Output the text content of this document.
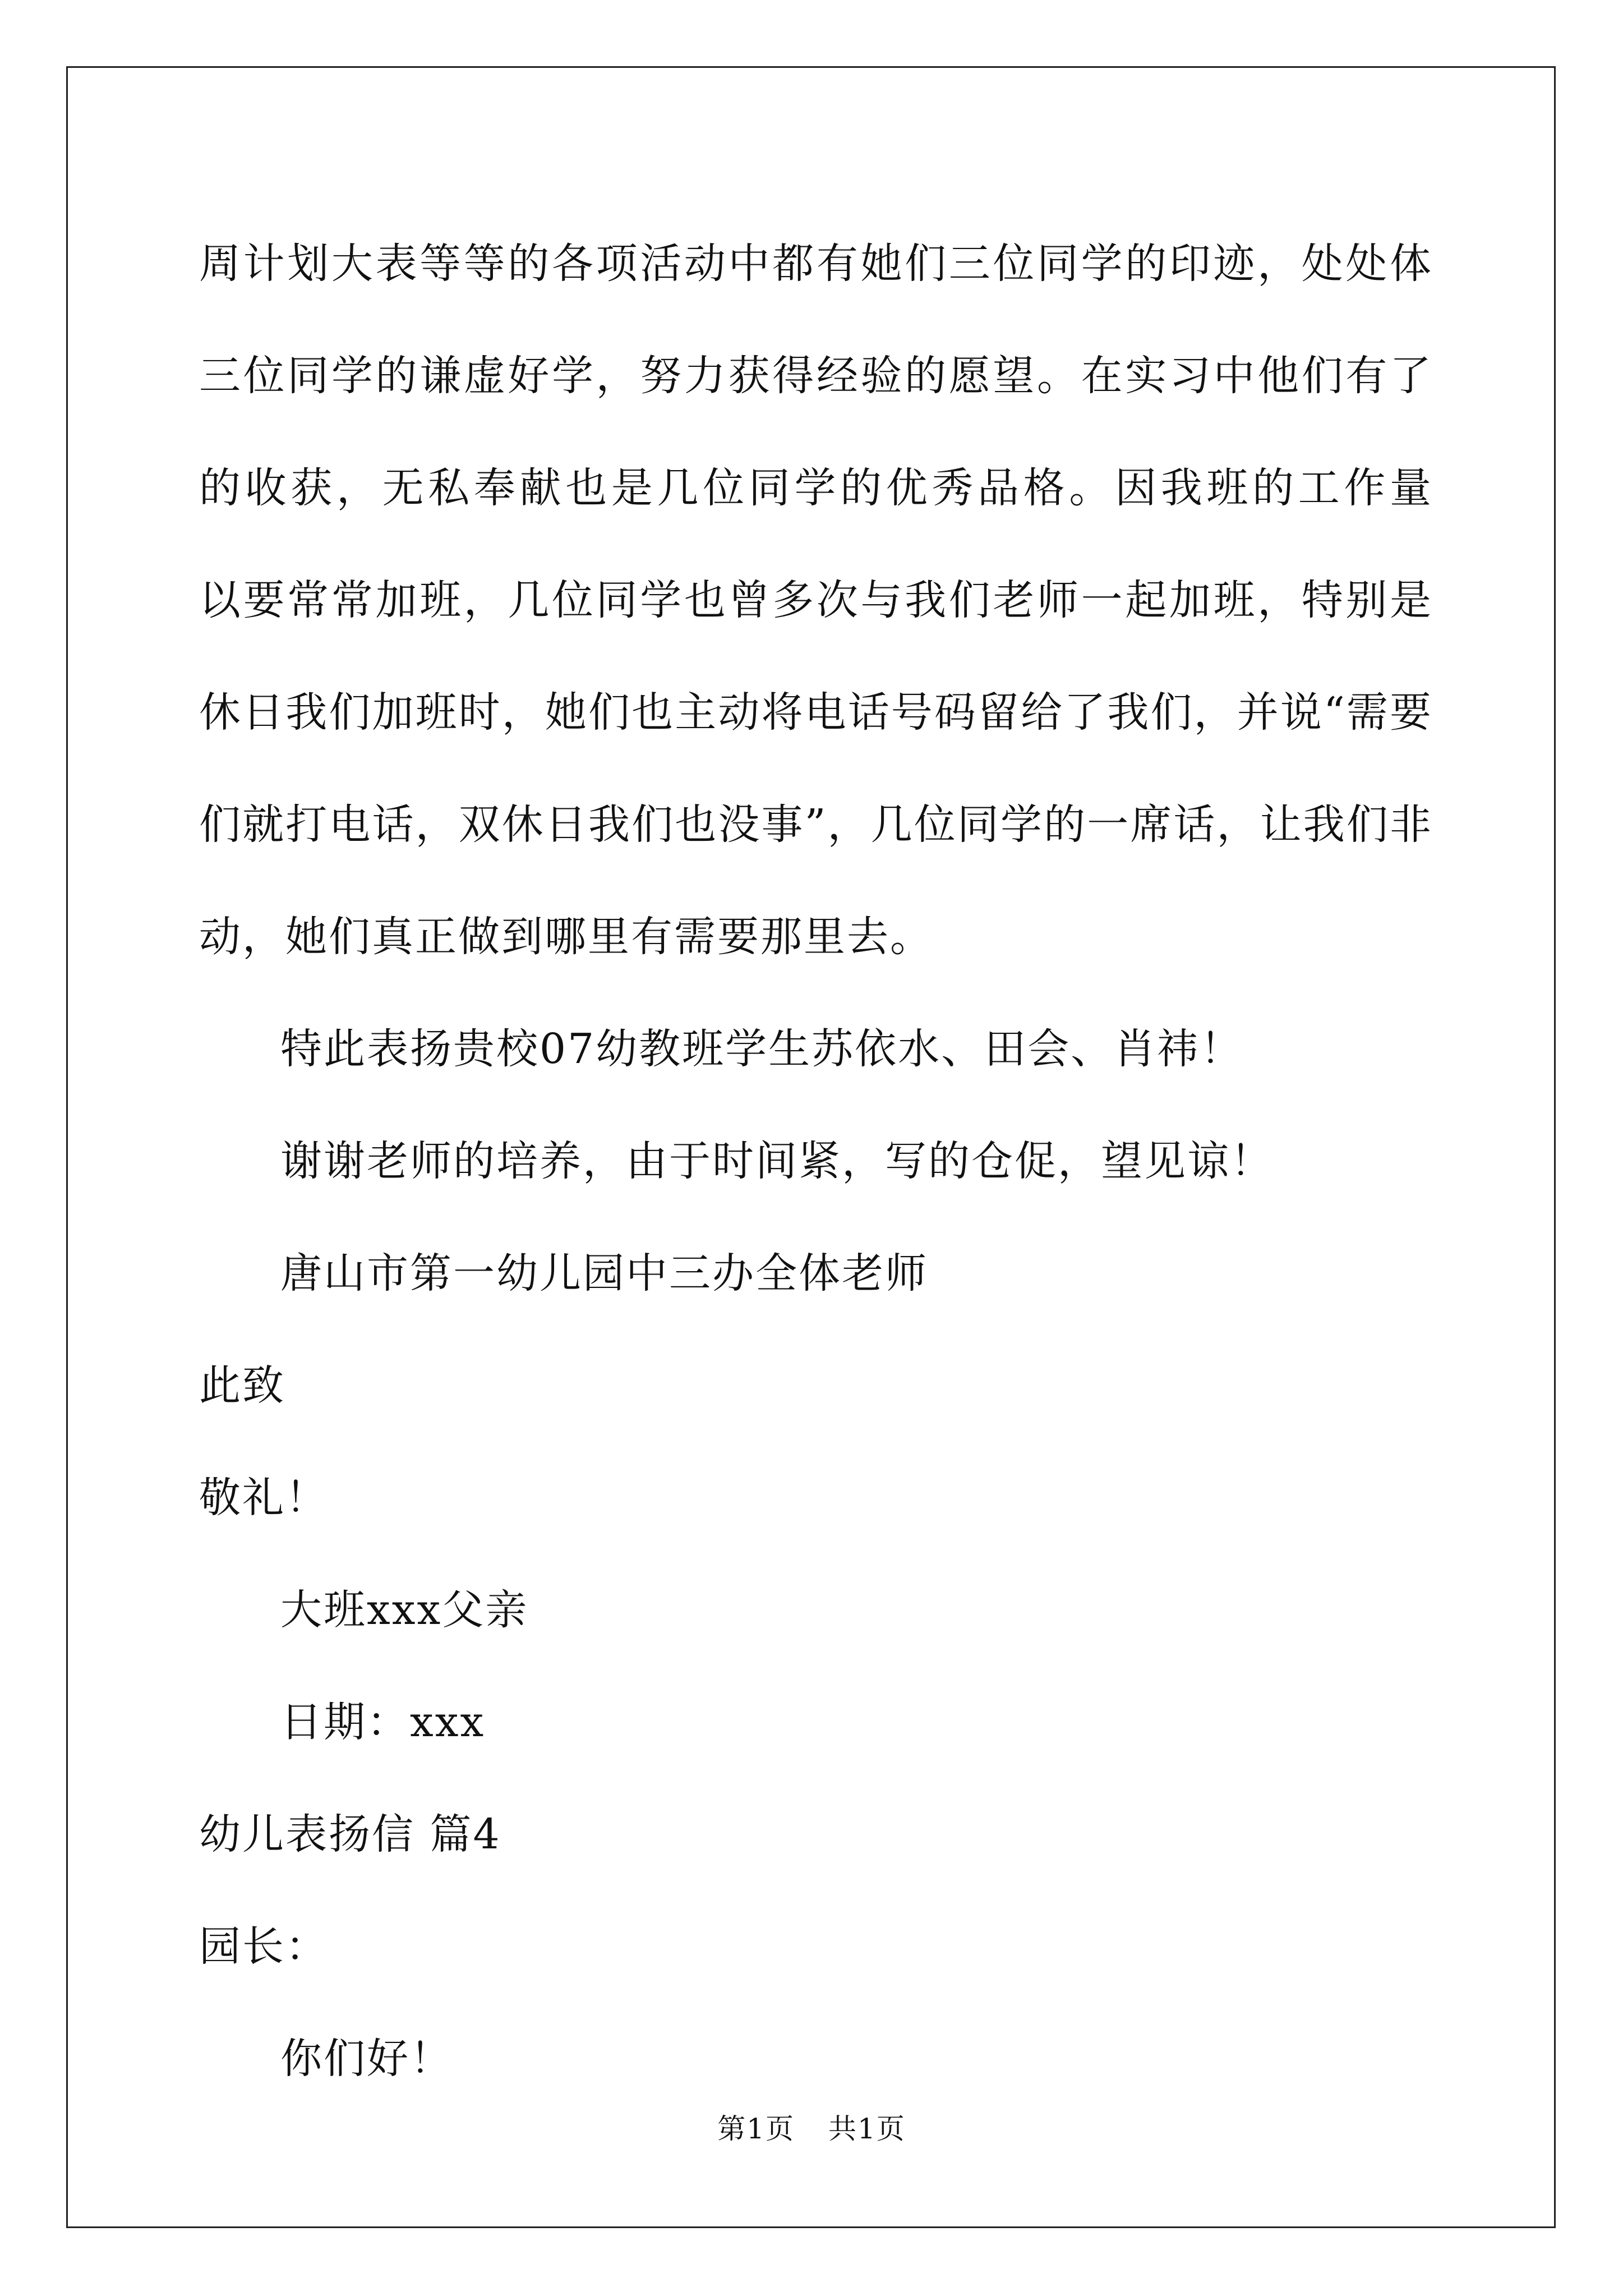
周计划大表等等的各项活动中都有她们三位同学的印迹，处处体
三位同学的谦虚好学，努力获得经验的愿望。在实习中他们有了
的收获，无私奉献也是几位同学的优秀品格。因我班的工作量
以要常常加班，几位同学也曾多次与我们老师一起加班，特别是
休日我们加班时，她们也主动将电话号码留给了我们，并说“需要
们就打电话，双休日我们也没事”，几位同学的一席话，让我们非
动，她们真正做到哪里有需要那里去。
特此表扬贵校07幼教班学生苏依水、田会、肖祎！
谢谢老师的培养，由于时间紧，写的仓促，望见谅！
唐山市第一幼儿园中三办全体老师
此致
敬礼！
大班xxx父亲
日期：xxx
幼儿表扬信 篇4
园长：
你们好！
第1页 共1页
